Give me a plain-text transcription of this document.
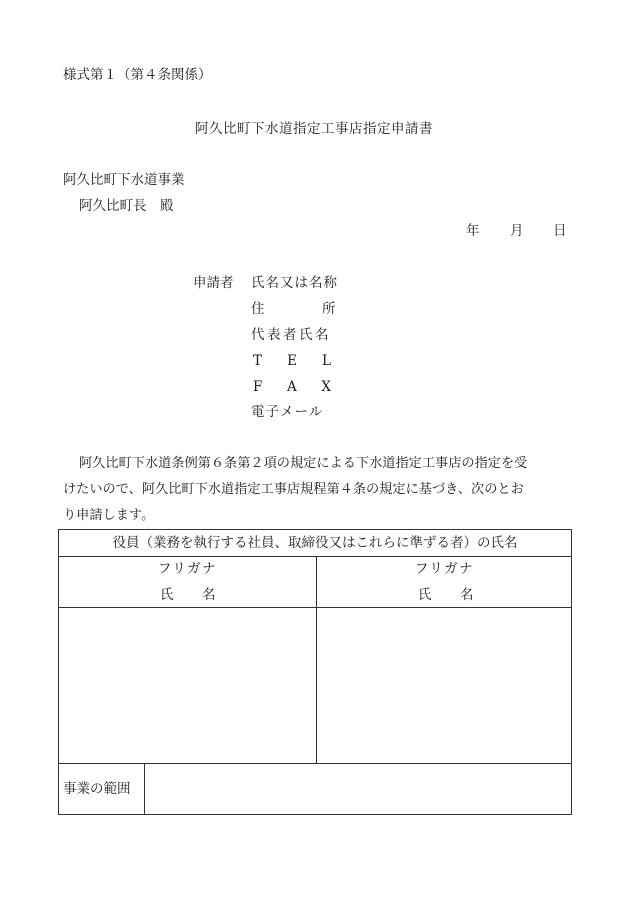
様式第１（第４条関係）
阿久比町下水道指定工事店指定申請書
阿久比町下水道事業
阿久比町長　殿
年 月 日
申請者 氏名又は名称
住	所
代表者氏名
T E L
F A X
電子メール
阿久比町下水道条例第６条第２項の規定による下水道指定工事店の指定を受
けたいので、阿久比町下水道指定工事店規程第４条の規定に基づき、次のとお
り申請します。
役員（業務を執行する社員、取締役又はこれらに準ずる者）の氏名
フリガナ
氏 名
フリガナ
氏 名
事業の範囲
